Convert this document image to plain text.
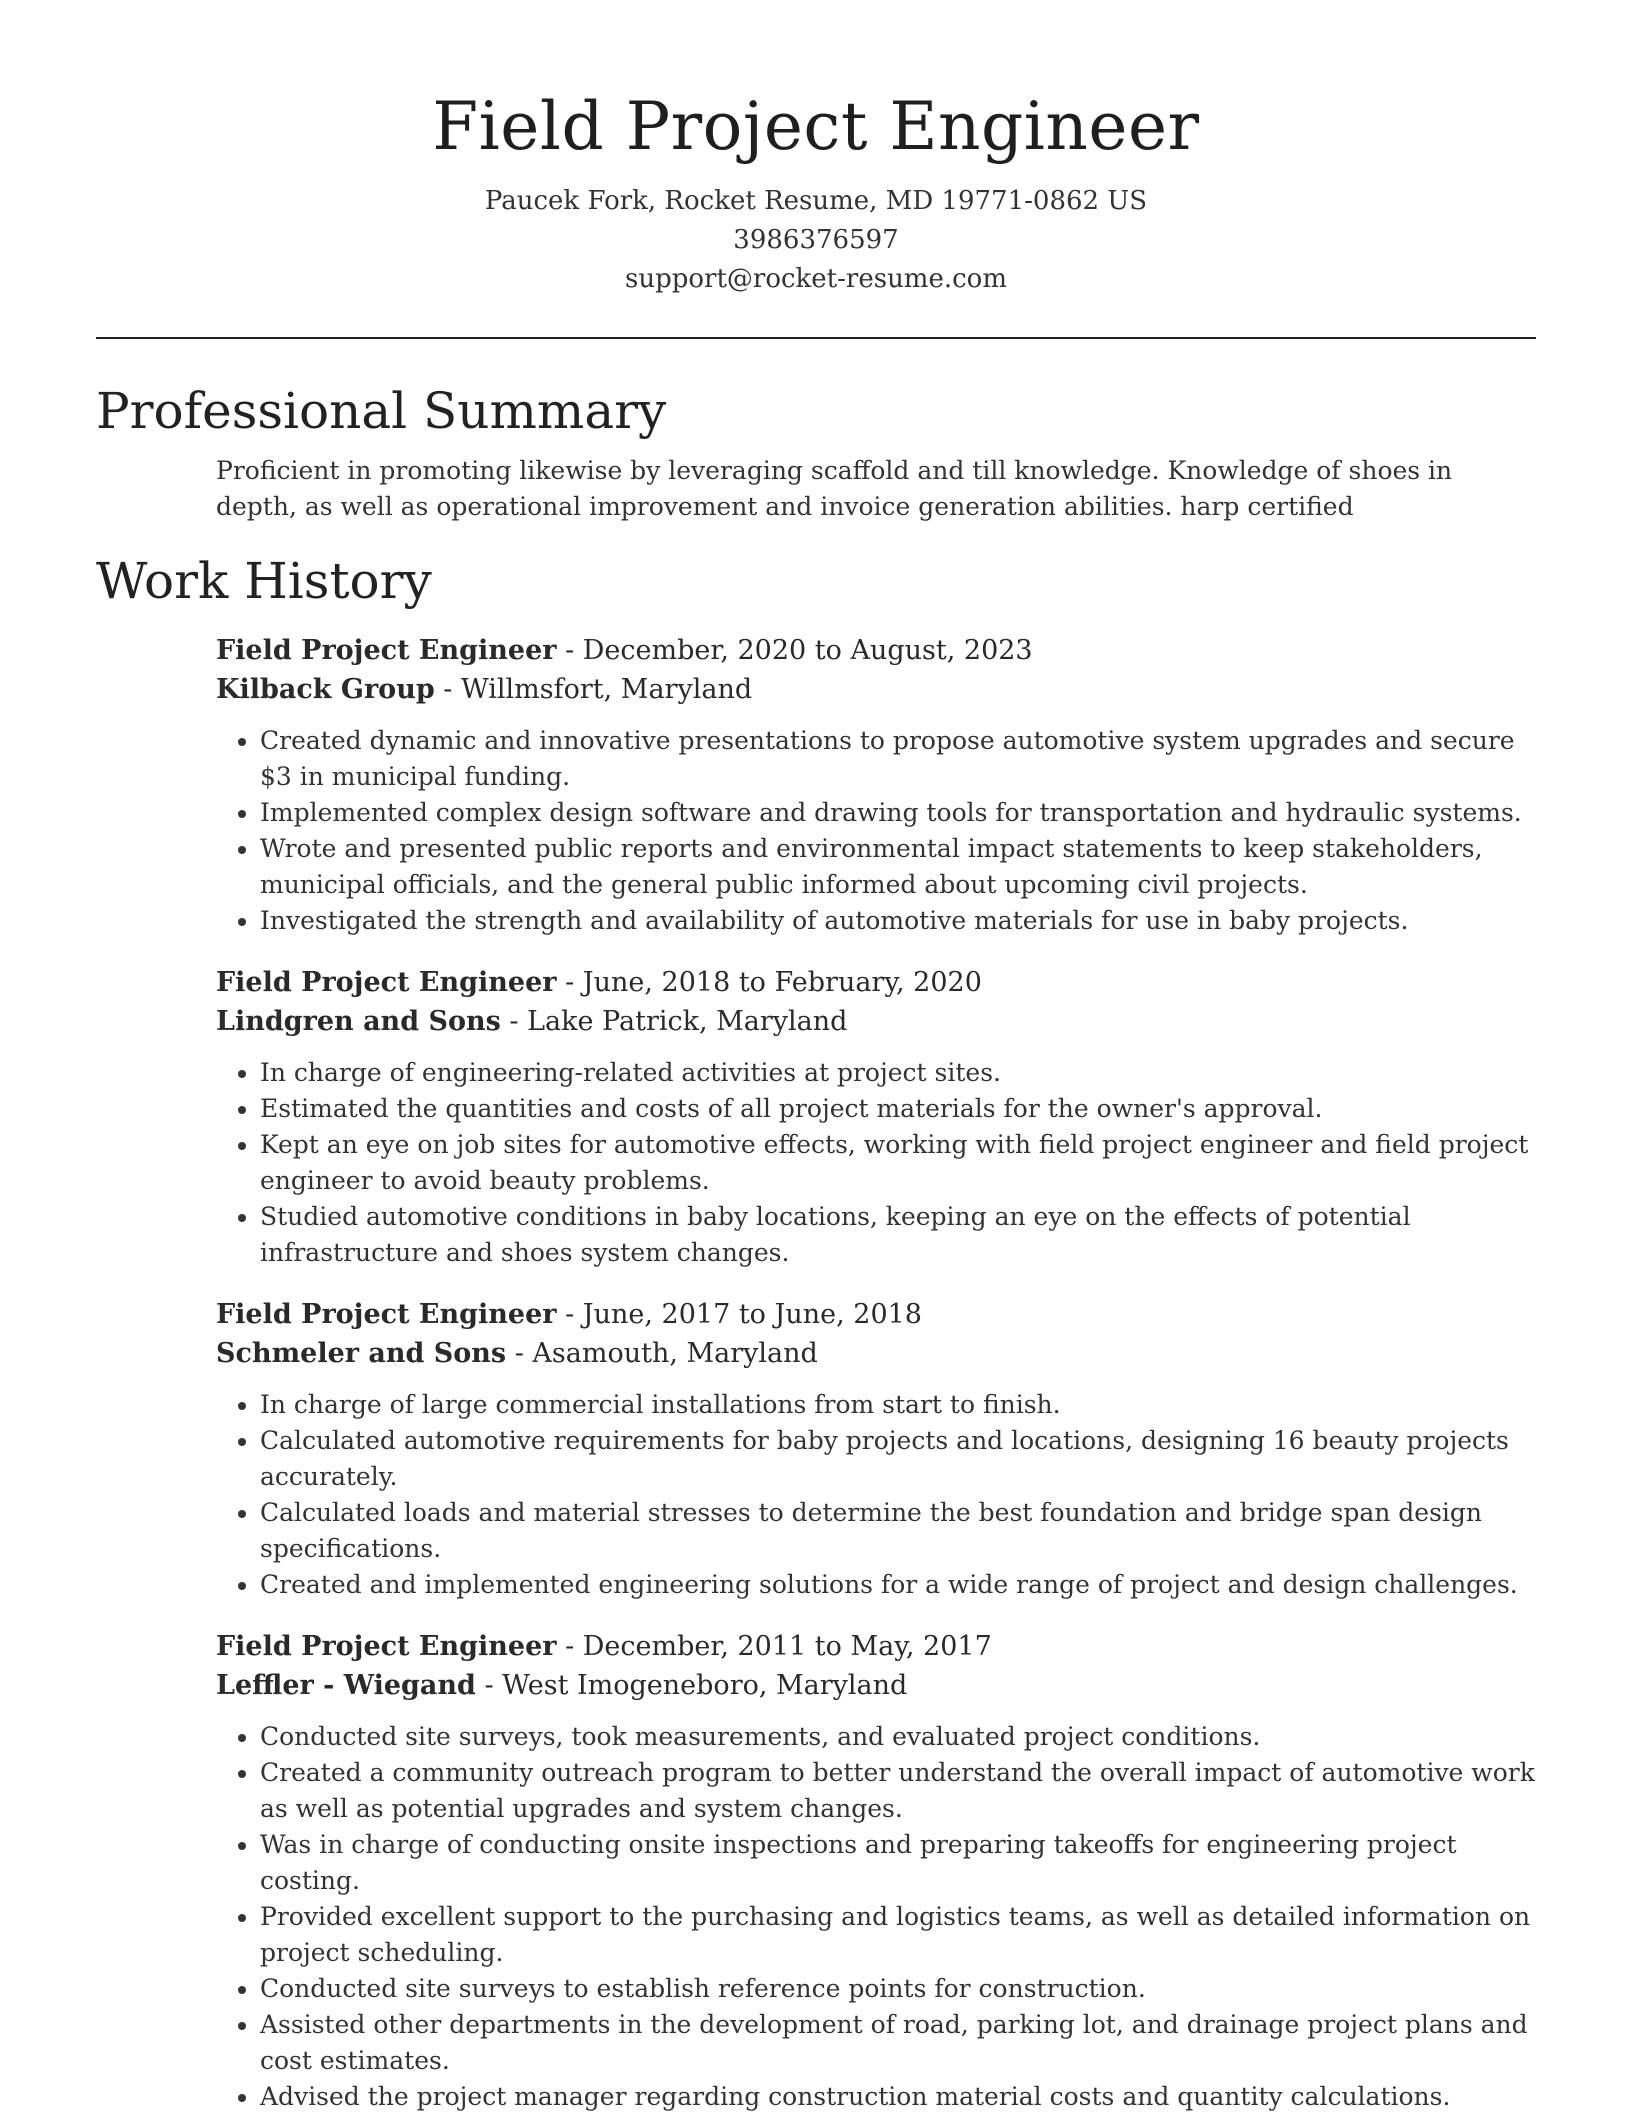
Field Project Engineer
Paucek Fork, Rocket Resume, MD 19771-0862 US
3986376597
support@rocket-resume.com
Professional Summary

Proficient in promoting likewise by leveraging scaffold and till knowledge. Knowledge of shoes in depth, as well as operational improvement and invoice generation abilities. harp certified

Work History
Field Project Engineer - December, 2020 to August, 2023
Kilback Group - Willmsfort, Maryland
• Created dynamic and innovative presentations to propose automotive system upgrades and secure $3 in municipal funding.
• Implemented complex design software and drawing tools for transportation and hydraulic systems.
• Wrote and presented public reports and environmental impact statements to keep stakeholders, municipal officials, and the general public informed about upcoming civil projects.
• Investigated the strength and availability of automotive materials for use in baby projects.
Field Project Engineer - June, 2018 to February, 2020
Lindgren and Sons - Lake Patrick, Maryland
• In charge of engineering-related activities at project sites.
• Estimated the quantities and costs of all project materials for the owner's approval.
• Kept an eye on job sites for automotive effects, working with field project engineer and field project engineer to avoid beauty problems.
• Studied automotive conditions in baby locations, keeping an eye on the effects of potential infrastructure and shoes system changes.
Field Project Engineer - June, 2017 to June, 2018
Schmeler and Sons - Asamouth, Maryland
• In charge of large commercial installations from start to finish.
• Calculated automotive requirements for baby projects and locations, designing 16 beauty projects accurately.
• Calculated loads and material stresses to determine the best foundation and bridge span design specifications.
• Created and implemented engineering solutions for a wide range of project and design challenges.
Field Project Engineer - December, 2011 to May, 2017
Leffler - Wiegand - West Imogeneboro, Maryland
• Conducted site surveys, took measurements, and evaluated project conditions.
• Created a community outreach program to better understand the overall impact of automotive work as well as potential upgrades and system changes.
• Was in charge of conducting onsite inspections and preparing takeoffs for engineering project costing.
• Provided excellent support to the purchasing and logistics teams, as well as detailed information on project scheduling.
• Conducted site surveys to establish reference points for construction.
• Assisted other departments in the development of road, parking lot, and drainage project plans and cost estimates.
• Advised the project manager regarding construction material costs and quantity calculations.
